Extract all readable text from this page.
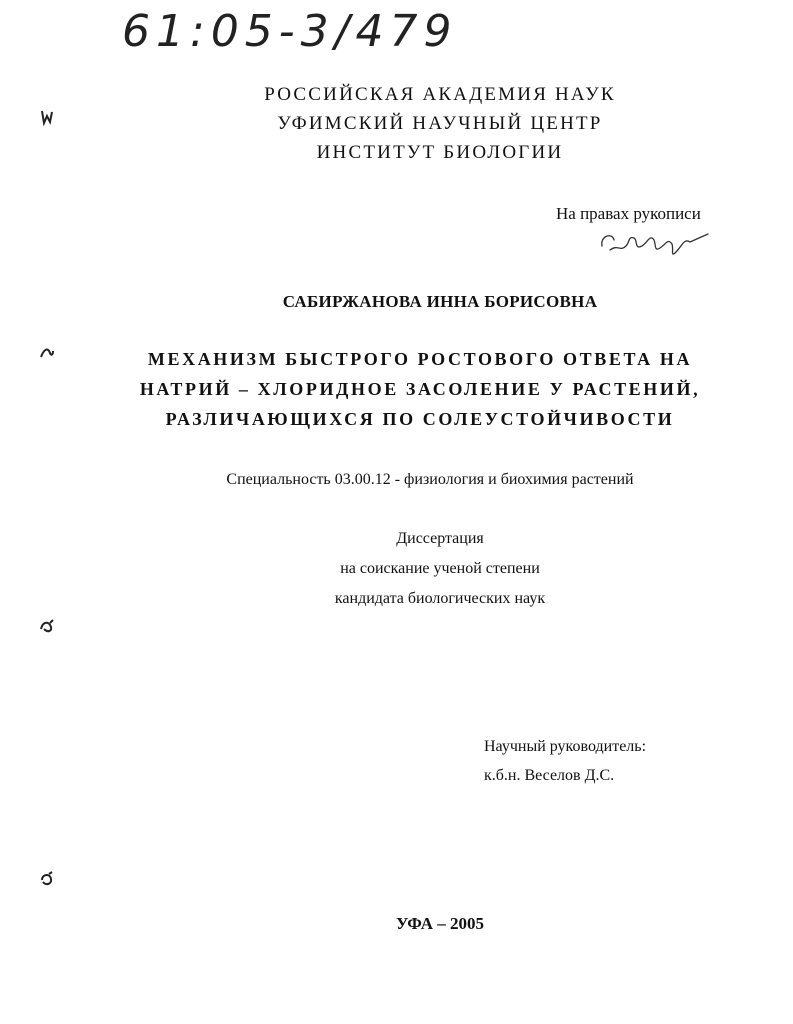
61:05-3/479
РОССИЙСКАЯ АКАДЕМИЯ НАУК
УФИМСКИЙ НАУЧНЫЙ ЦЕНТР
ИНСТИТУТ БИОЛОГИИ
На правах рукописи
САБИРЖАНОВА ИННА БОРИСОВНА
МЕХАНИЗМ БЫСТРОГО РОСТОВОГО ОТВЕТА НА
НАТРИЙ – ХЛОРИДНОЕ ЗАСОЛЕНИЕ У РАСТЕНИЙ,
РАЗЛИЧАЮЩИХСЯ ПО СОЛЕУСТОЙЧИВОСТИ
Специальность 03.00.12 - физиология и биохимия растений
Диссертация
на соискание ученой степени
кандидата биологических наук
Научный руководитель:
к.б.н. Веселов Д.С.
УФА – 2005
